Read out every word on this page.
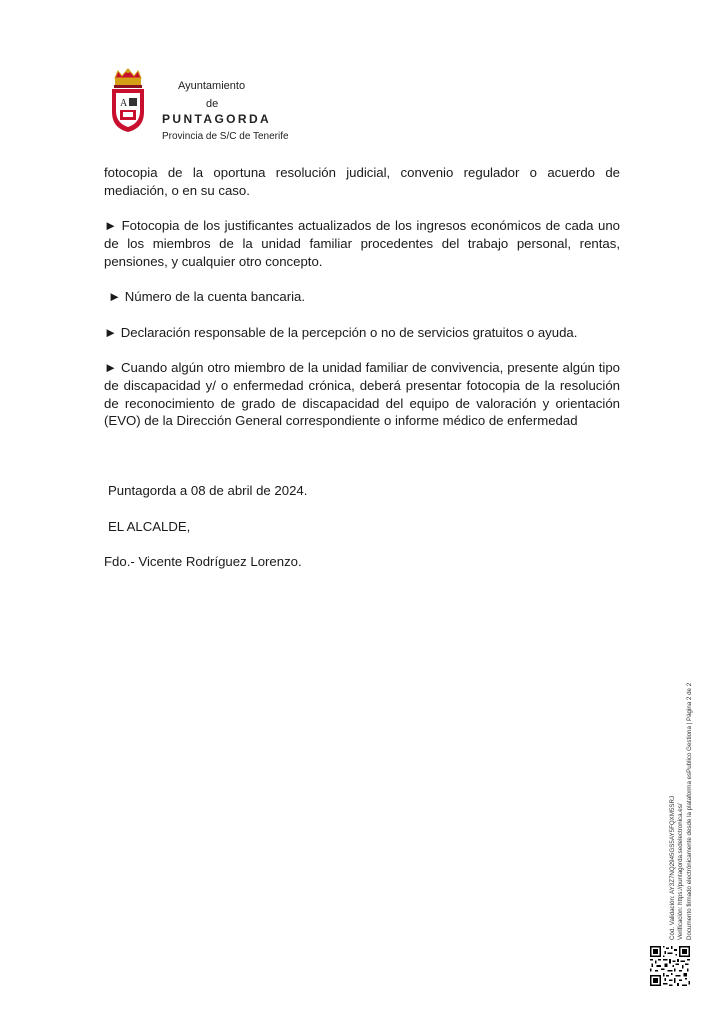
A
Ayuntamiento
de
PUNTAGORDA
Provincia de S/C de Tenerife

fotocopia de la oportuna resolución judicial, convenio regulador o acuerdo de mediación, o en su caso.

► Fotocopia de los justificantes actualizados de los ingresos económicos de cada uno de los miembros de la unidad familiar procedentes del trabajo personal, rentas, pensiones, y cualquier otro concepto.

► Número de la cuenta bancaria.

► Declaración responsable de la percepción o no de servicios gratuitos o ayuda.

► Cuando algún otro miembro de la unidad familiar de convivencia, presente algún tipo de discapacidad y/ o enfermedad crónica, deberá presentar fotocopia de la resolución de reconocimiento de grado de discapacidad del equipo de valoración y orientación (EVO) de la Dirección General correspondiente o informe médico de enfermedad

Puntagorda a 08 de abril de 2024.

EL ALCALDE,

Fdo.- Vicente Rodríguez Lorenzo.

Cód. Validación: AY3Z7NQ2945GS5AY5FQXM5SRJ Verificación: https://puntagorda.sedelectronica.es/ Documento firmado electrónicamente desde la plataforma esPublico Gestiona | Página 2 de 2
